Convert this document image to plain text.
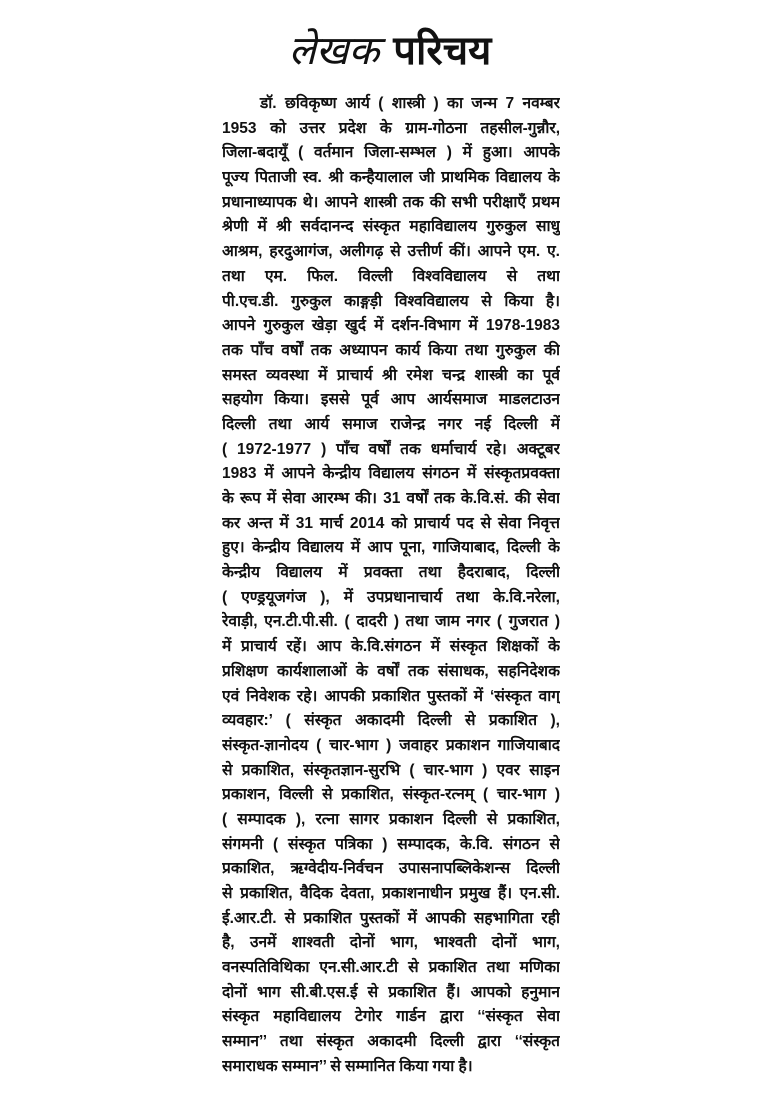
लेखक परिचय
डॉ. छविकृष्ण आर्य ( शास्त्री ) का जन्म 7 नवम्बर
1953 को उत्तर प्रदेश के ग्राम-गोठना तहसील-गुन्नौर,
जिला-बदायूँ ( वर्तमान जिला-सम्भल ) में हुआ। आपके
पूज्य पिताजी स्व. श्री कन्हैयालाल जी प्राथमिक विद्यालय के
प्रधानाध्यापक थे। आपने शास्त्री तक की सभी परीक्षाएँ प्रथम
श्रेणी में श्री सर्वदानन्द संस्कृत महाविद्यालय गुरुकुल साधु
आश्रम, हरदुआगंज, अलीगढ़ से उत्तीर्ण कीं। आपने एम. ए.
तथा एम. फिल. विल्ली विश्वविद्यालय से तथा
पी.एच.डी. गुरुकुल काङ्गड़ी विश्वविद्यालय से किया है।
आपने गुरुकुल खेड़ा खुर्द में दर्शन-विभाग में 1978-1983
तक पाँच वर्षों तक अध्यापन कार्य किया तथा गुरुकुल की
समस्त व्यवस्था में प्राचार्य श्री रमेश चन्द्र शास्त्री का पूर्व
सहयोग किया। इससे पूर्व आप आर्यसमाज माडलटाउन
दिल्ली तथा आर्य समाज राजेन्द्र नगर नई दिल्ली में
( 1972-1977 ) पाँच वर्षों तक धर्माचार्य रहे। अक्टूबर
1983 में आपने केन्द्रीय विद्यालय संगठन में संस्कृतप्रवक्ता
के रूप में सेवा आरम्भ की। 31 वर्षों तक के.वि.सं. की सेवा
कर अन्त में 31 मार्च 2014 को प्राचार्य पद से सेवा निवृत्त
हुए। केन्द्रीय विद्यालय में आप पूना, गाजियाबाद, दिल्ली के
केन्द्रीय विद्यालय में प्रवक्ता तथा हैदराबाद, दिल्ली
( एण्ड्रयूजगंज ), में उपप्रधानाचार्य तथा के.वि.नरेला,
रेवाड़ी, एन.टी.पी.सी. ( दादरी ) तथा जाम नगर ( गुजरात )
में प्राचार्य रहें। आप के.वि.संगठन में संस्कृत शिक्षकों के
प्रशिक्षण कार्यशालाओं के वर्षों तक संसाधक, सहनिदेशक
एवं निवेशक रहे। आपकी प्रकाशित पुस्तकों में ‘संस्कृत वाग्
व्यवहार:’ ( संस्कृत अकादमी दिल्ली से प्रकाशित ),
संस्कृत-ज्ञानोदय ( चार-भाग ) जवाहर प्रकाशन गाजियाबाद
से प्रकाशित, संस्कृतज्ञान-सुरभि ( चार-भाग ) एवर साइन
प्रकाशन, विल्ली से प्रकाशित, संस्कृत-रत्नम् ( चार-भाग )
( सम्पादक ), रत्ना सागर प्रकाशन दिल्ली से प्रकाशित,
संगमनी ( संस्कृत पत्रिका ) सम्पादक, के.वि. संगठन से
प्रकाशित, ऋग्वेदीय-निर्वचन उपासनापब्लिकेशन्स दिल्ली
से प्रकाशित, वैदिक देवता, प्रकाशनाधीन प्रमुख हैं। एन.सी.
ई.आर.टी. से प्रकाशित पुस्तकों में आपकी सहभागिता रही
है, उनमें शाश्वती दोनों भाग, भाश्वती दोनों भाग,
वनस्पतिविथिका एन.सी.आर.टी से प्रकाशित तथा मणिका
दोनों भाग सी.बी.एस.ई से प्रकाशित हैं। आपको हनुमान
संस्कृत महाविद्यालय टेगोर गार्डन द्वारा ‘‘संस्कृत सेवा
सम्मान’’ तथा संस्कृत अकादमी दिल्ली द्वारा ‘‘संस्कृत
समाराधक सम्मान’’ से सम्मानित किया गया है।
